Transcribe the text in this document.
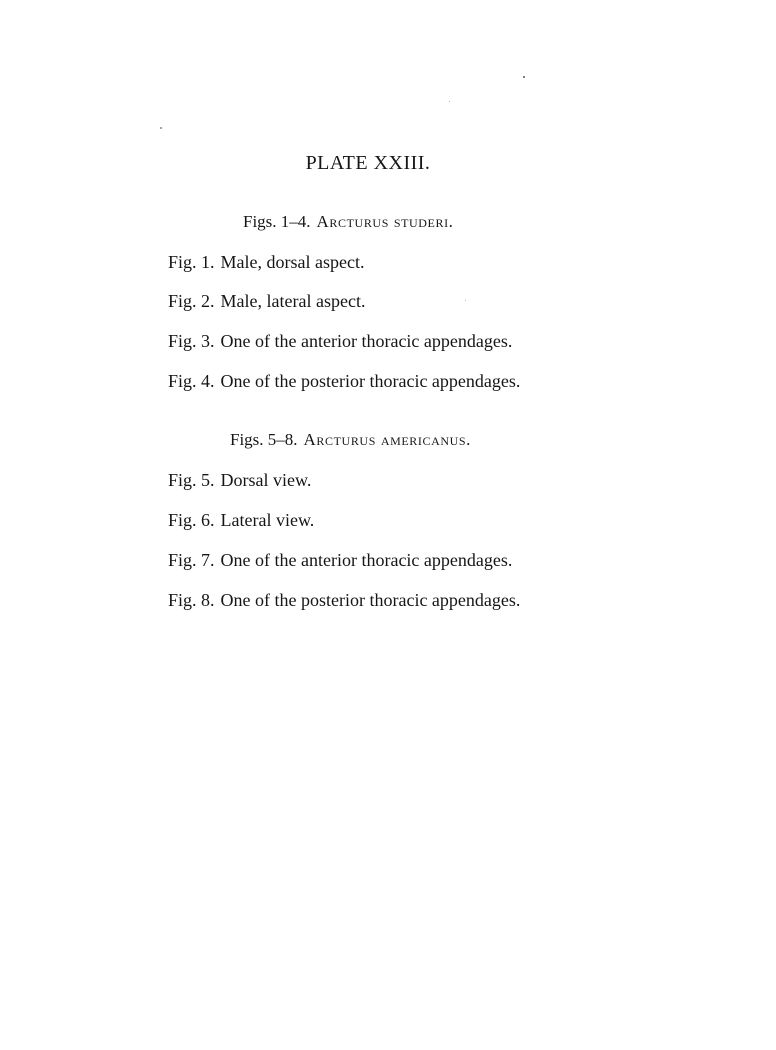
PLATE XXIII.
Figs. 1–4. Arcturus studeri.
Fig. 1. Male, dorsal aspect.
Fig. 2. Male, lateral aspect.
Fig. 3. One of the anterior thoracic appendages.
Fig. 4. One of the posterior thoracic appendages.
Figs. 5–8. Arcturus americanus.
Fig. 5. Dorsal view.
Fig. 6. Lateral view.
Fig. 7. One of the anterior thoracic appendages.
Fig. 8. One of the posterior thoracic appendages.
